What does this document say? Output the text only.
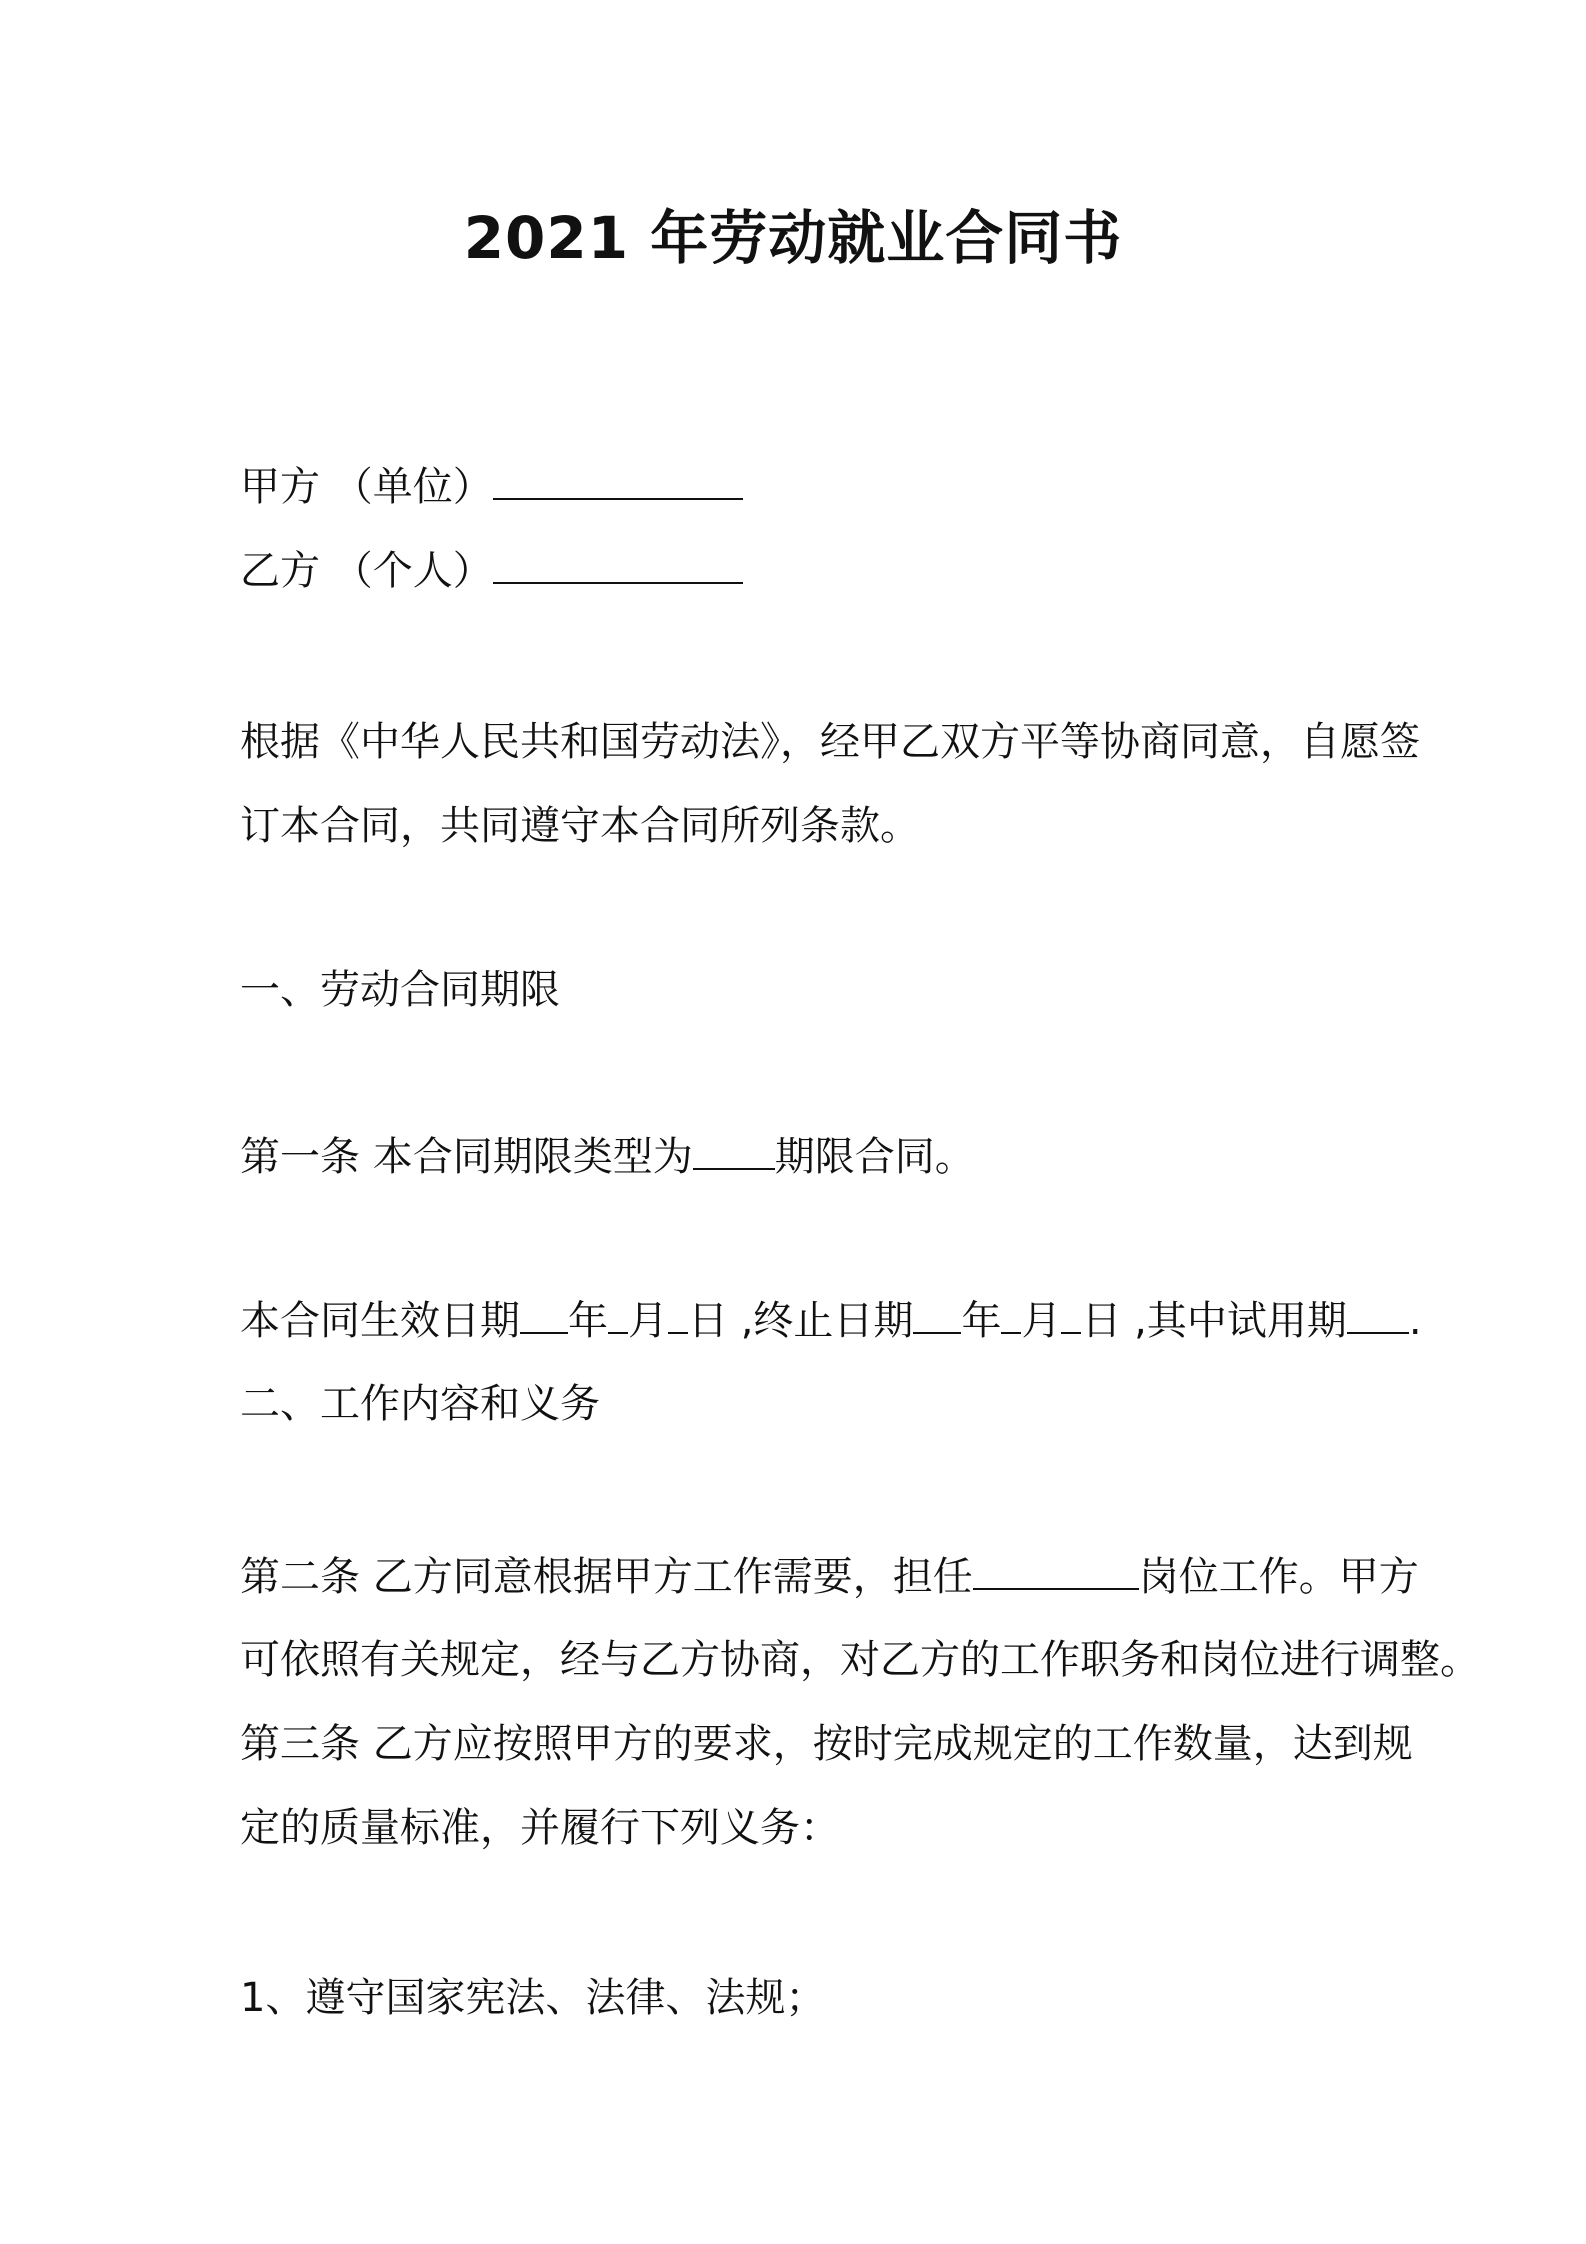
2021 年劳动就业合同书
甲方 （单位）
乙方 （个人）
根据《中华人民共和国劳动法》，经甲乙双方平等协商同意，自愿签
订本合同，共同遵守本合同所列条款。
一、劳动合同期限
第一条 本合同期限类型为 期限合同。
本合同生效日期 年 月 日 ,终止日期 年 月 日 ,其中试用期 .
二、工作内容和义务
第二条 乙方同意根据甲方工作需要，担任	岗位工作。甲方
可依照有关规定，经与乙方协商，对乙方的工作职务和岗位进行调整。
第三条 乙方应按照甲方的要求，按时完成规定的工作数量，达到规
定的质量标准，并履行下列义务：
1、遵守国家宪法、法律、法规；
